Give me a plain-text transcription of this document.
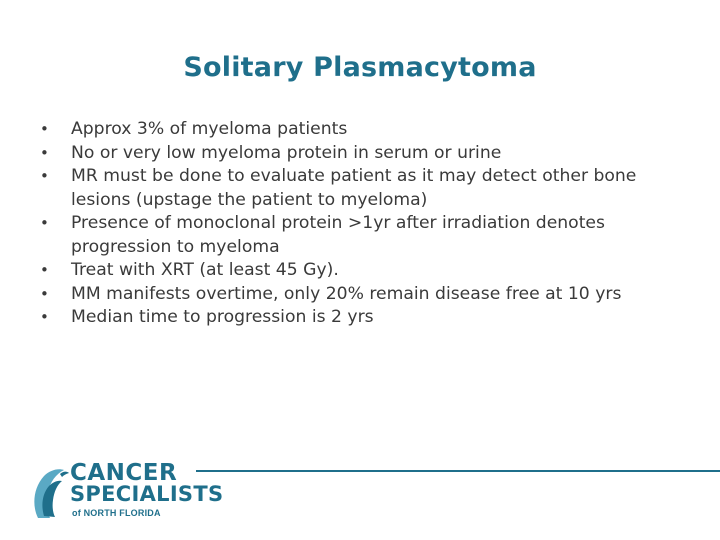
Solitary Plasmacytoma
• Approx 3% of myeloma patients
• No or very low myeloma protein in serum or urine
• MR must be done to evaluate patient as it may detect other bone lesions (upstage the patient to myeloma)
• Presence of monoclonal protein >1yr after irradiation denotes progression to myeloma
• Treat with XRT (at least 45 Gy).
• MM manifests overtime, only 20% remain disease free at 10 yrs
• Median time to progression is 2 yrs
CANCER
SPECIALISTS
of NORTH FLORIDA
